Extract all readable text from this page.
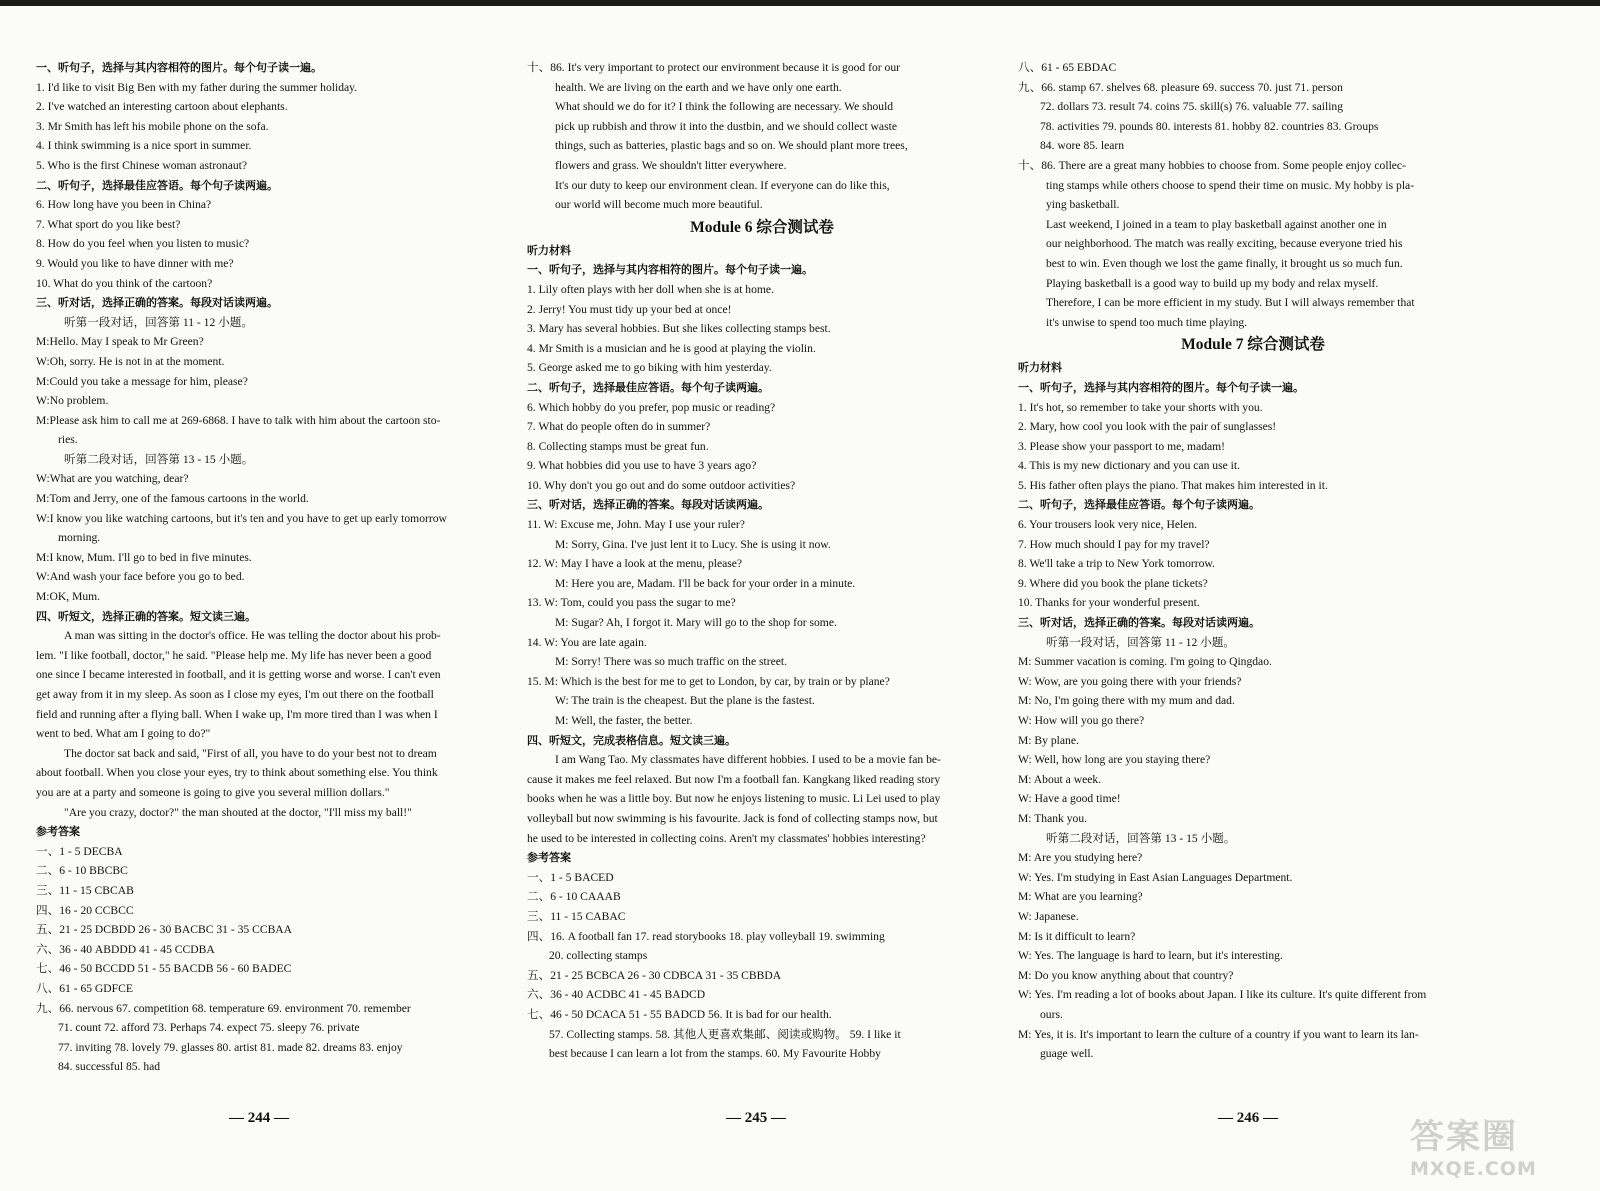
一、听句子，选择与其内容相符的图片。每个句子读一遍。
1. I'd like to visit Big Ben with my father during the summer holiday.
2. I've watched an interesting cartoon about elephants.
3. Mr Smith has left his mobile phone on the sofa.
4. I think swimming is a nice sport in summer.
5. Who is the first Chinese woman astronaut?
二、听句子，选择最佳应答语。每个句子读两遍。
6. How long have you been in China?
7. What sport do you like best?
8. How do you feel when you listen to music?
9. Would you like to have dinner with me?
10. What do you think of the cartoon?
三、听对话，选择正确的答案。每段对话读两遍。
听第一段对话，回答第 11 - 12 小题。
M:Hello. May I speak to Mr Green?
W:Oh, sorry. He is not in at the moment.
M:Could you take a message for him, please?
W:No problem.
M:Please ask him to call me at 269-6868. I have to talk with him about the cartoon sto-
ries.
听第二段对话，回答第 13 - 15 小题。
W:What are you watching, dear?
M:Tom and Jerry, one of the famous cartoons in the world.
W:I know you like watching cartoons, but it's ten and you have to get up early tomorrow
morning.
M:I know, Mum. I'll go to bed in five minutes.
W:And wash your face before you go to bed.
M:OK, Mum.
四、听短文，选择正确的答案。短文读三遍。
A man was sitting in the doctor's office. He was telling the doctor about his prob-
lem. "I like football, doctor," he said. "Please help me. My life has never been a good
one since I became interested in football, and it is getting worse and worse. I can't even
get away from it in my sleep. As soon as I close my eyes, I'm out there on the football
field and running after a flying ball. When I wake up, I'm more tired than I was when I
went to bed. What am I going to do?"
The doctor sat back and said, "First of all, you have to do your best not to dream
about football. When you close your eyes, try to think about something else. You think
you are at a party and someone is going to give you several million dollars."
"Are you crazy, doctor?" the man shouted at the doctor, "I'll miss my ball!"
参考答案
一、1 - 5 DECBA
二、6 - 10 BBCBC
三、11 - 15 CBCAB
四、16 - 20 CCBCC
五、21 - 25 DCBDD 26 - 30 BACBC 31 - 35 CCBAA
六、36 - 40 ABDDD 41 - 45 CCDBA
七、46 - 50 BCCDD 51 - 55 BACDB 56 - 60 BADEC
八、61 - 65 GDFCE
九、66. nervous 67. competition 68. temperature 69. environment 70. remember
71. count 72. afford 73. Perhaps 74. expect 75. sleepy 76. private
77. inviting 78. lovely 79. glasses 80. artist 81. made 82. dreams 83. enjoy
84. successful 85. had
十、86. It's very important to protect our environment because it is good for our
health. We are living on the earth and we have only one earth.
What should we do for it? I think the following are necessary. We should
pick up rubbish and throw it into the dustbin, and we should collect waste
things, such as batteries, plastic bags and so on. We should plant more trees,
flowers and grass. We shouldn't litter everywhere.
It's our duty to keep our environment clean. If everyone can do like this,
our world will become much more beautiful.
Module 6 综合测试卷
听力材料
一、听句子，选择与其内容相符的图片。每个句子读一遍。
1. Lily often plays with her doll when she is at home.
2. Jerry! You must tidy up your bed at once!
3. Mary has several hobbies. But she likes collecting stamps best.
4. Mr Smith is a musician and he is good at playing the violin.
5. George asked me to go biking with him yesterday.
二、听句子，选择最佳应答语。每个句子读两遍。
6. Which hobby do you prefer, pop music or reading?
7. What do people often do in summer?
8. Collecting stamps must be great fun.
9. What hobbies did you use to have 3 years ago?
10. Why don't you go out and do some outdoor activities?
三、听对话，选择正确的答案。每段对话读两遍。
11. W: Excuse me, John. May I use your ruler?
M: Sorry, Gina. I've just lent it to Lucy. She is using it now.
12. W: May I have a look at the menu, please?
M: Here you are, Madam. I'll be back for your order in a minute.
13. W: Tom, could you pass the sugar to me?
M: Sugar? Ah, I forgot it. Mary will go to the shop for some.
14. W: You are late again.
M: Sorry! There was so much traffic on the street.
15. M: Which is the best for me to get to London, by car, by train or by plane?
W: The train is the cheapest. But the plane is the fastest.
M: Well, the faster, the better.
四、听短文，完成表格信息。短文读三遍。
I am Wang Tao. My classmates have different hobbies. I used to be a movie fan be-
cause it makes me feel relaxed. But now I'm a football fan. Kangkang liked reading story
books when he was a little boy. But now he enjoys listening to music. Li Lei used to play
volleyball but now swimming is his favourite. Jack is fond of collecting stamps now, but
he used to be interested in collecting coins. Aren't my classmates' hobbies interesting?
参考答案
一、1 - 5 BACED
二、6 - 10 CAAAB
三、11 - 15 CABAC
四、16. A football fan 17. read storybooks 18. play volleyball 19. swimming
20. collecting stamps
五、21 - 25 BCBCA 26 - 30 CDBCA 31 - 35 CBBDA
六、36 - 40 ACDBC 41 - 45 BADCD
七、46 - 50 DCACA 51 - 55 BADCD 56. It is bad for our health.
57. Collecting stamps. 58. 其他人更喜欢集邮、阅读或购物。 59. I like it
best because I can learn a lot from the stamps. 60. My Favourite Hobby
八、61 - 65 EBDAC
九、66. stamp 67. shelves 68. pleasure 69. success 70. just 71. person
72. dollars 73. result 74. coins 75. skill(s) 76. valuable 77. sailing
78. activities 79. pounds 80. interests 81. hobby 82. countries 83. Groups
84. wore 85. learn
十、86. There are a great many hobbies to choose from. Some people enjoy collec-
ting stamps while others choose to spend their time on music. My hobby is pla-
ying basketball.
Last weekend, I joined in a team to play basketball against another one in
our neighborhood. The match was really exciting, because everyone tried his
best to win. Even though we lost the game finally, it brought us so much fun.
Playing basketball is a good way to build up my body and relax myself.
Therefore, I can be more efficient in my study. But I will always remember that
it's unwise to spend too much time playing.
Module 7 综合测试卷
听力材料
一、听句子，选择与其内容相符的图片。每个句子读一遍。
1. It's hot, so remember to take your shorts with you.
2. Mary, how cool you look with the pair of sunglasses!
3. Please show your passport to me, madam!
4. This is my new dictionary and you can use it.
5. His father often plays the piano. That makes him interested in it.
二、听句子，选择最佳应答语。每个句子读两遍。
6. Your trousers look very nice, Helen.
7. How much should I pay for my travel?
8. We'll take a trip to New York tomorrow.
9. Where did you book the plane tickets?
10. Thanks for your wonderful present.
三、听对话，选择正确的答案。每段对话读两遍。
听第一段对话，回答第 11 - 12 小题。
M: Summer vacation is coming. I'm going to Qingdao.
W: Wow, are you going there with your friends?
M: No, I'm going there with my mum and dad.
W: How will you go there?
M: By plane.
W: Well, how long are you staying there?
M: About a week.
W: Have a good time!
M: Thank you.
听第二段对话，回答第 13 - 15 小题。
M: Are you studying here?
W: Yes. I'm studying in East Asian Languages Department.
M: What are you learning?
W: Japanese.
M: Is it difficult to learn?
W: Yes. The language is hard to learn, but it's interesting.
M: Do you know anything about that country?
W: Yes. I'm reading a lot of books about Japan. I like its culture. It's quite different from
ours.
M: Yes, it is. It's important to learn the culture of a country if you want to learn its lan-
guage well.
— 244 —	— 245 —	— 246 —	答案圈
MXQE.COM
